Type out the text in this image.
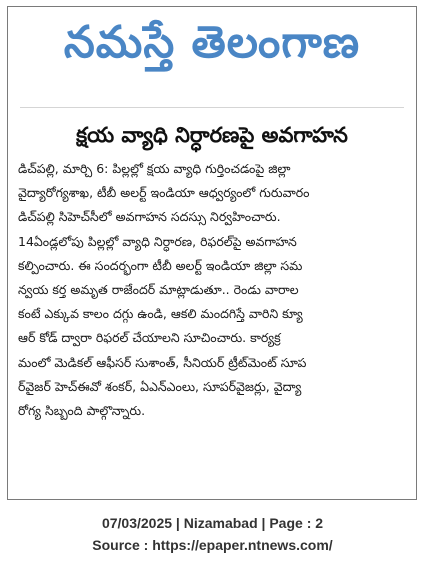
నమస్తే తెలంగాణ
క్షయ వ్యాధి నిర్ధారణపై అవగాహన
డిచ్‌పల్లి, మార్చి 6: పిల్లల్లో క్షయ వ్యాధి గుర్తించడంపై జిల్లా
వైద్యారోగ్యశాఖ, టీబీ అలర్ట్ ఇండియా ఆధ్వర్యంలో గురువారం
డిచ్‌పల్లి సిహెచ్‌సీలో అవగాహన సదస్సు నిర్వహించారు.
14ఏండ్లలోపు పిల్లల్లో వ్యాధి నిర్ధారణ, రిఫరల్‌పై అవగాహన
కల్పించారు. ఈ సందర్భంగా టీబీ అలర్ట్ ఇండియా జిల్లా సమ
న్వయ కర్త అమృత రాజేందర్ మాట్లాడుతూ.. రెండు వారాల
కంటే ఎక్కువ కాలం దగ్గు ఉండి, ఆకలి మందగిస్తే వారిని క్యూ
ఆర్ కోడ్ ద్వారా రిఫరల్ చేయాలని సూచించారు. కార్యక్ర
మంలో మెడికల్ ఆఫీసర్ సుశాంత్, సీనియర్ ట్రీట్‌మెంట్ సూప
ర్‌వైజర్ హెచ్‌ఈవో శంకర్, ఏఎన్ఎంలు, సూపర్‌వైజర్లు, వైద్యా
రోగ్య సిబ్బంది పాల్గొన్నారు.
07/03/2025 | Nizamabad | Page : 2
Source : https://epaper.ntnews.com/
